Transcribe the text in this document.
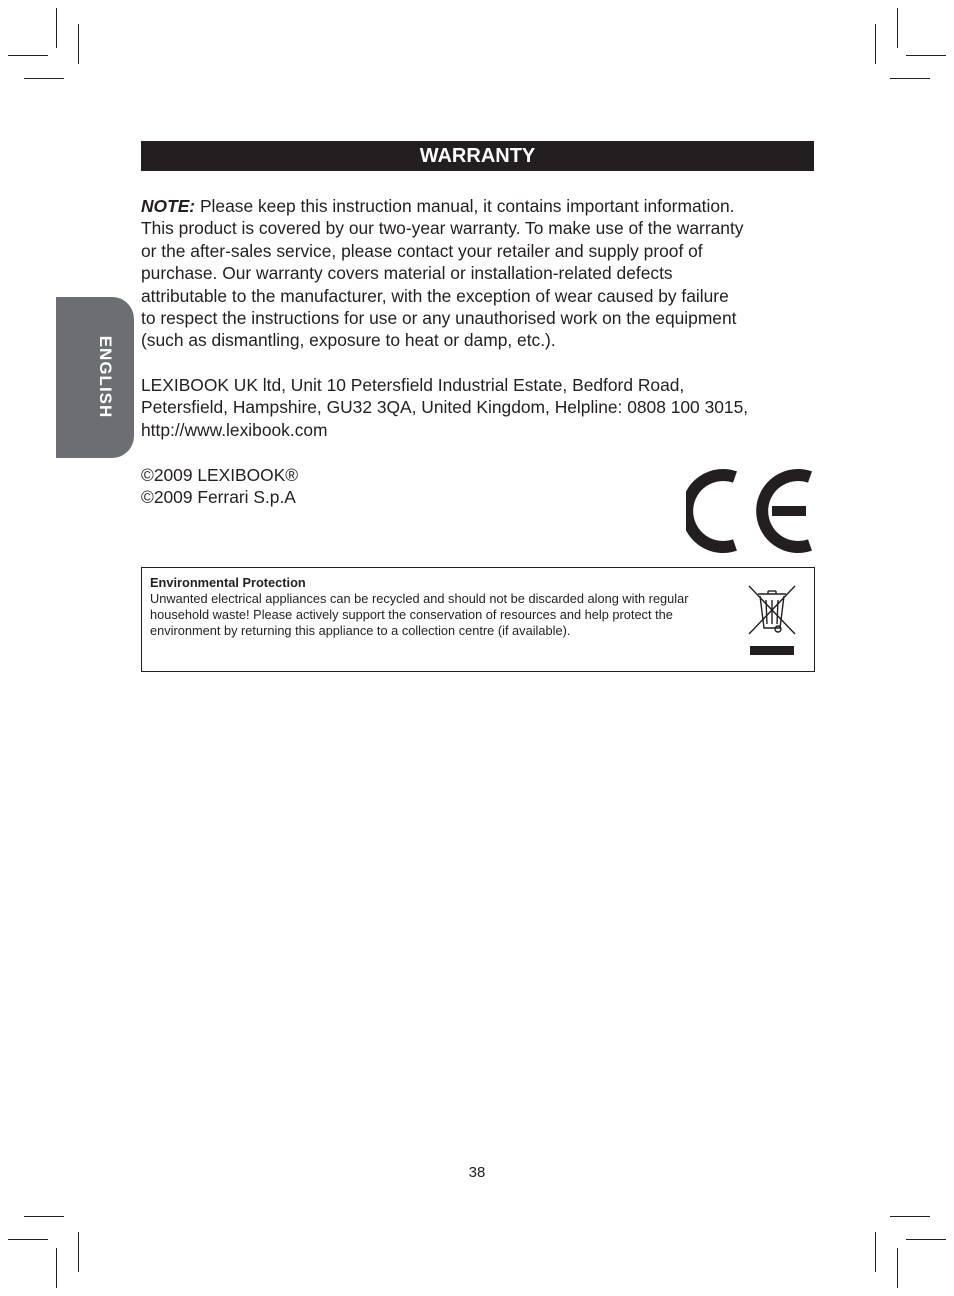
ENGLISH
WARRANTY

NOTE: Please keep this instruction manual, it contains important information.
This product is covered by our two-year warranty. To make use of the warranty
or the after-sales service, please contact your retailer and supply proof of
purchase. Our warranty covers material or installation-related defects
attributable to the manufacturer, with the exception of wear caused by failure
to respect the instructions for use or any unauthorised work on the equipment
(such as dismantling, exposure to heat or damp, etc.).

LEXIBOOK UK ltd, Unit 10 Petersfield Industrial Estate, Bedford Road,
Petersfield, Hampshire, GU32 3QA, United Kingdom, Helpline: 0808 100 3015,
http://www.lexibook.com

©2009 LEXIBOOK®
©2009 Ferrari S.p.A

Environmental Protection
Unwanted electrical appliances can be recycled and should not be discarded along with regular
household waste! Please actively support the conservation of resources and help protect the
environment by returning this appliance to a collection centre (if available).
38
